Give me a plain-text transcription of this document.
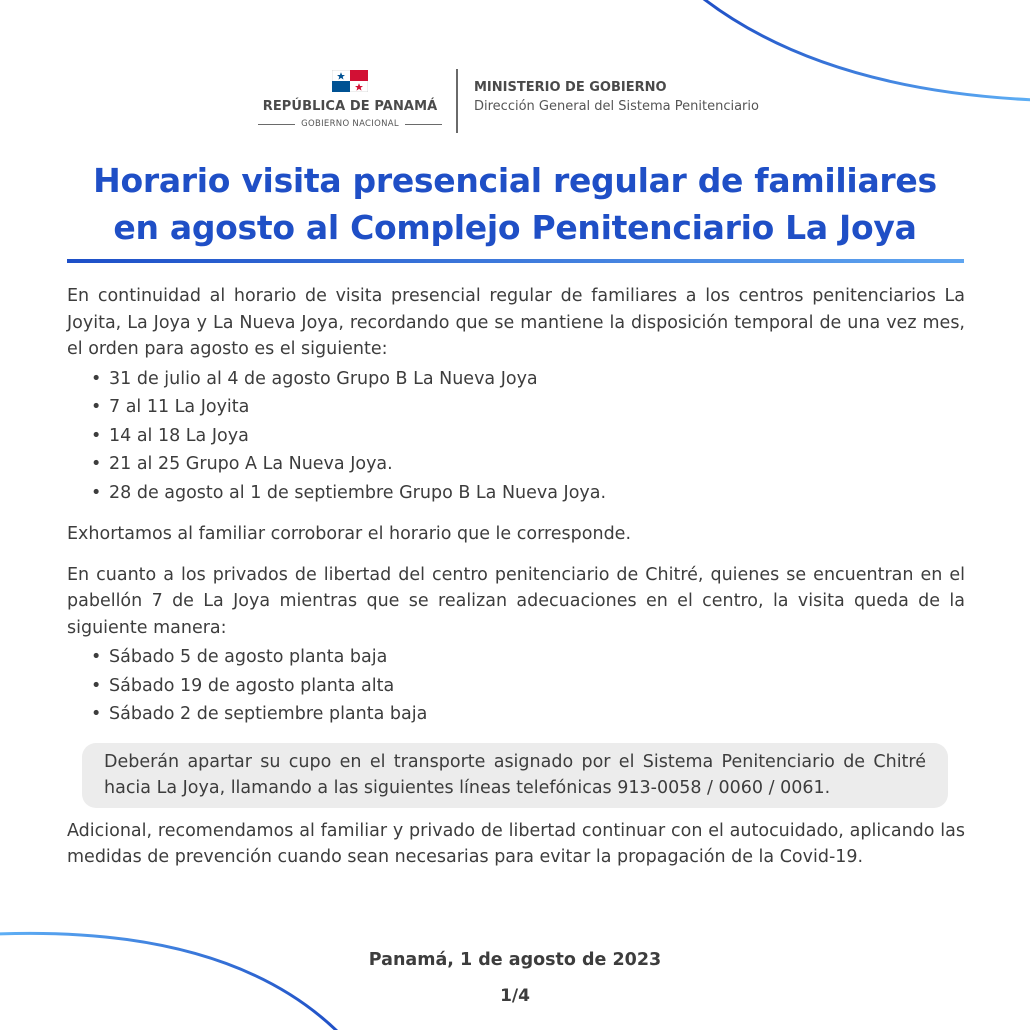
REPÚBLICA DE PANAMÁ
GOBIERNO NACIONAL
MINISTERIO DE GOBIERNO
Dirección General del Sistema Penitenciario
Horario visita presencial regular de familiares
en agosto al Complejo Penitenciario La Joya

En continuidad al horario de visita presencial regular de familiares a los centros penitenciarios La Joyita, La Joya y La Nueva Joya, recordando que se mantiene la disposición temporal de una vez mes, el orden para agosto es el siguiente:

• 31 de julio al 4 de agosto Grupo B La Nueva Joya
• 7 al 11 La Joyita
• 14 al 18 La Joya
• 21 al 25 Grupo A La Nueva Joya.
• 28 de agosto al 1 de septiembre Grupo B La Nueva Joya.

Exhortamos al familiar corroborar el horario que le corresponde.

En cuanto a los privados de libertad del centro penitenciario de Chitré, quienes se encuentran en el pabellón 7 de La Joya mientras que se realizan adecuaciones en el centro, la visita queda de la siguiente manera:

• Sábado 5 de agosto planta baja
• Sábado 19 de agosto planta alta
• Sábado 2 de septiembre planta baja

Deberán apartar su cupo en el transporte asignado por el Sistema Penitenciario de Chitré hacia La Joya, llamando a las siguientes líneas telefónicas 913-0058 / 0060 / 0061.

Adicional, recomendamos al familiar y privado de libertad continuar con el autocuidado, aplicando las medidas de prevención cuando sean necesarias para evitar la propagación de la Covid-19.

Panamá, 1 de agosto de 2023
1/4
